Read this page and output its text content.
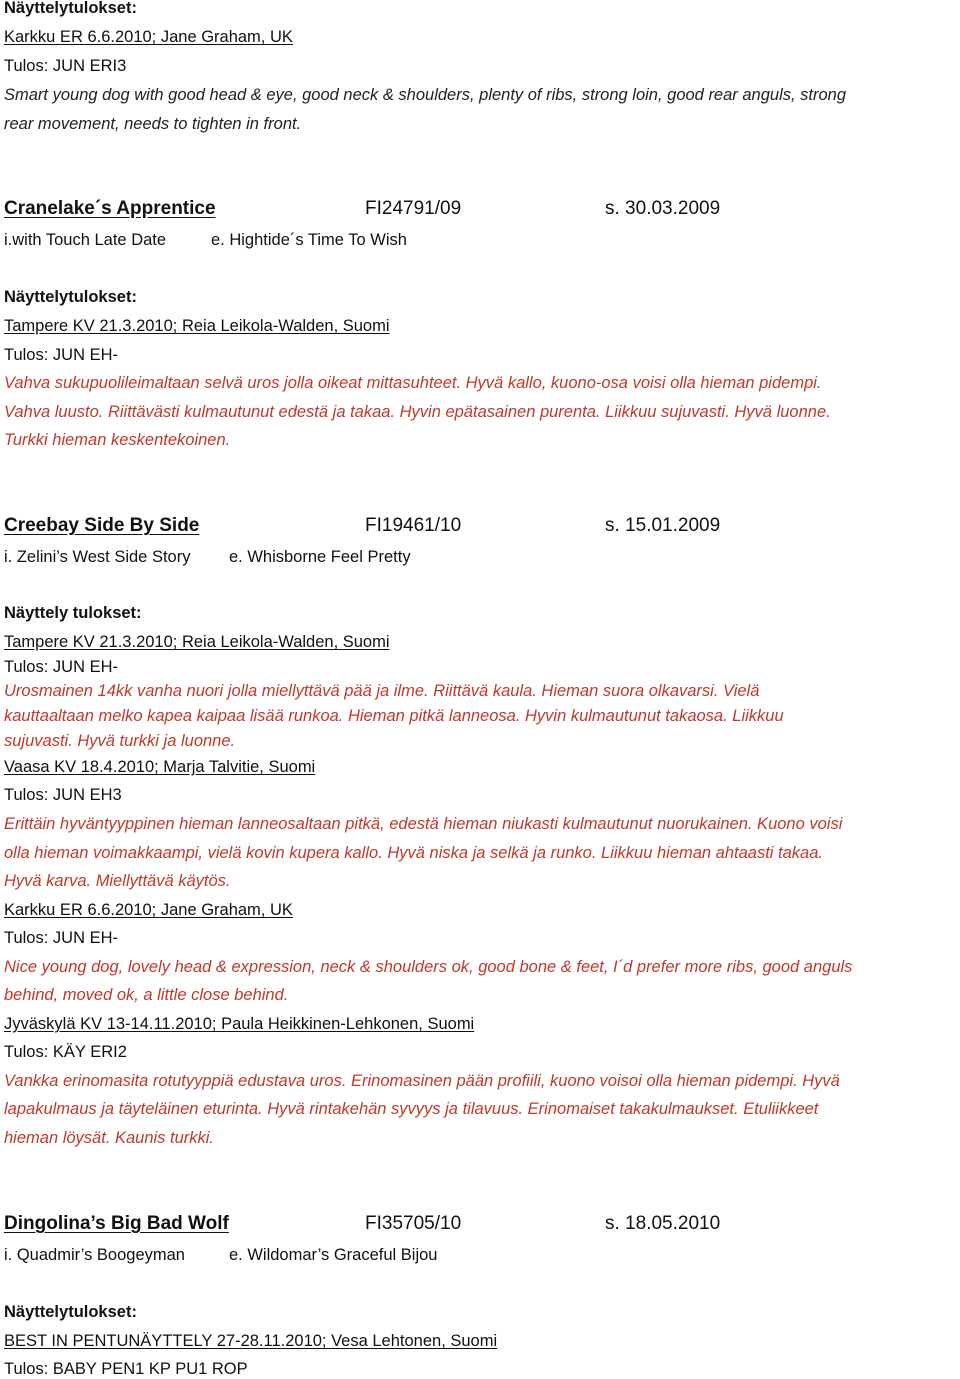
Näyttelytulokset:
Karkku ER 6.6.2010; Jane Graham, UK
Tulos: JUN ERI3
Smart young dog with good head & eye, good neck & shoulders, plenty of ribs, strong loin, good rear anguls, strong
rear movement, needs to tighten in front.
Cranelake´s Apprentice	FI24791/09	s. 30.03.2009
i.with Touch Late Date	e. Hightide´s Time To Wish
Näyttelytulokset:
Tampere KV 21.3.2010; Reia Leikola-Walden, Suomi
Tulos: JUN EH-
Vahva sukupuolileimaltaan selvä uros jolla oikeat mittasuhteet. Hyvä kallo, kuono-osa voisi olla hieman pidempi.
Vahva luusto. Riittävästi kulmautunut edestä ja takaa. Hyvin epätasainen purenta. Liikkuu sujuvasti. Hyvä luonne.
Turkki hieman keskentekoinen.
Creebay Side By Side	FI19461/10	s. 15.01.2009
i. Zelini’s West Side Story e. Whisborne Feel Pretty
Näyttely tulokset:
Tampere KV 21.3.2010; Reia Leikola-Walden, Suomi
Tulos: JUN EH-
Urosmainen 14kk vanha nuori jolla miellyttävä pää ja ilme. Riittävä kaula. Hieman suora olkavarsi. Vielä
kauttaaltaan melko kapea kaipaa lisää runkoa. Hieman pitkä lanneosa. Hyvin kulmautunut takaosa. Liikkuu
sujuvasti. Hyvä turkki ja luonne.
Vaasa KV 18.4.2010; Marja Talvitie, Suomi
Tulos: JUN EH3
Erittäin hyväntyyppinen hieman lanneosaltaan pitkä, edestä hieman niukasti kulmautunut nuorukainen. Kuono voisi
olla hieman voimakkaampi, vielä kovin kupera kallo. Hyvä niska ja selkä ja runko. Liikkuu hieman ahtaasti takaa.
Hyvä karva. Miellyttävä käytös.
Karkku ER 6.6.2010; Jane Graham, UK
Tulos: JUN EH-
Nice young dog, lovely head & expression, neck & shoulders ok, good bone & feet, I´d prefer more ribs, good anguls
behind, moved ok, a little close behind.
Jyväskylä KV 13-14.11.2010; Paula Heikkinen-Lehkonen, Suomi
Tulos: KÄY ERI2
Vankka erinomasita rotutyyppiä edustava uros. Erinomasinen pään profiili, kuono voisoi olla hieman pidempi. Hyvä
lapakulmaus ja täyteläinen eturinta. Hyvä rintakehän syvyys ja tilavuus. Erinomaiset takakulmaukset. Etuliikkeet
hieman löysät. Kaunis turkki.
Dingolina’s Big Bad Wolf	FI35705/10	s. 18.05.2010
i. Quadmir’s Boogeyman	e. Wildomar’s Graceful Bijou
Näyttelytulokset:
BEST IN PENTUNÄYTTELY 27-28.11.2010; Vesa Lehtonen, Suomi
Tulos: BABY PEN1 KP PU1 ROP
